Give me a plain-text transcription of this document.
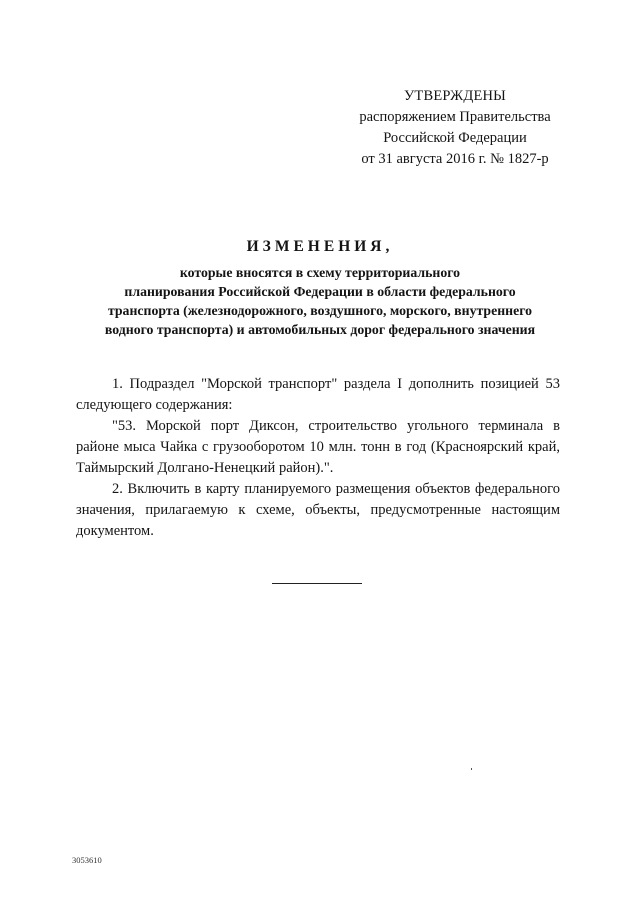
УТВЕРЖДЕНЫ
распоряжением Правительства
Российской Федерации
от 31 августа 2016 г. № 1827-р
ИЗМЕНЕНИЯ,
которые вносятся в схему территориального
планирования Российской Федерации в области федерального
транспорта (железнодорожного, воздушного, морского, внутреннего
водного транспорта) и автомобильных дорог федерального значения

1. Подраздел "Морской транспорт" раздела I дополнить позицией 53 следующего содержания:

"53. Морской порт Диксон, строительство угольного терминала в районе мыса Чайка с грузооборотом 10 млн. тонн в год (Красноярский край, Таймырский Долгано-Ненецкий район).".

2. Включить в карту планируемого размещения объектов федерального значения, прилагаемую к схеме, объекты, предусмотренные настоящим документом.

3053610
